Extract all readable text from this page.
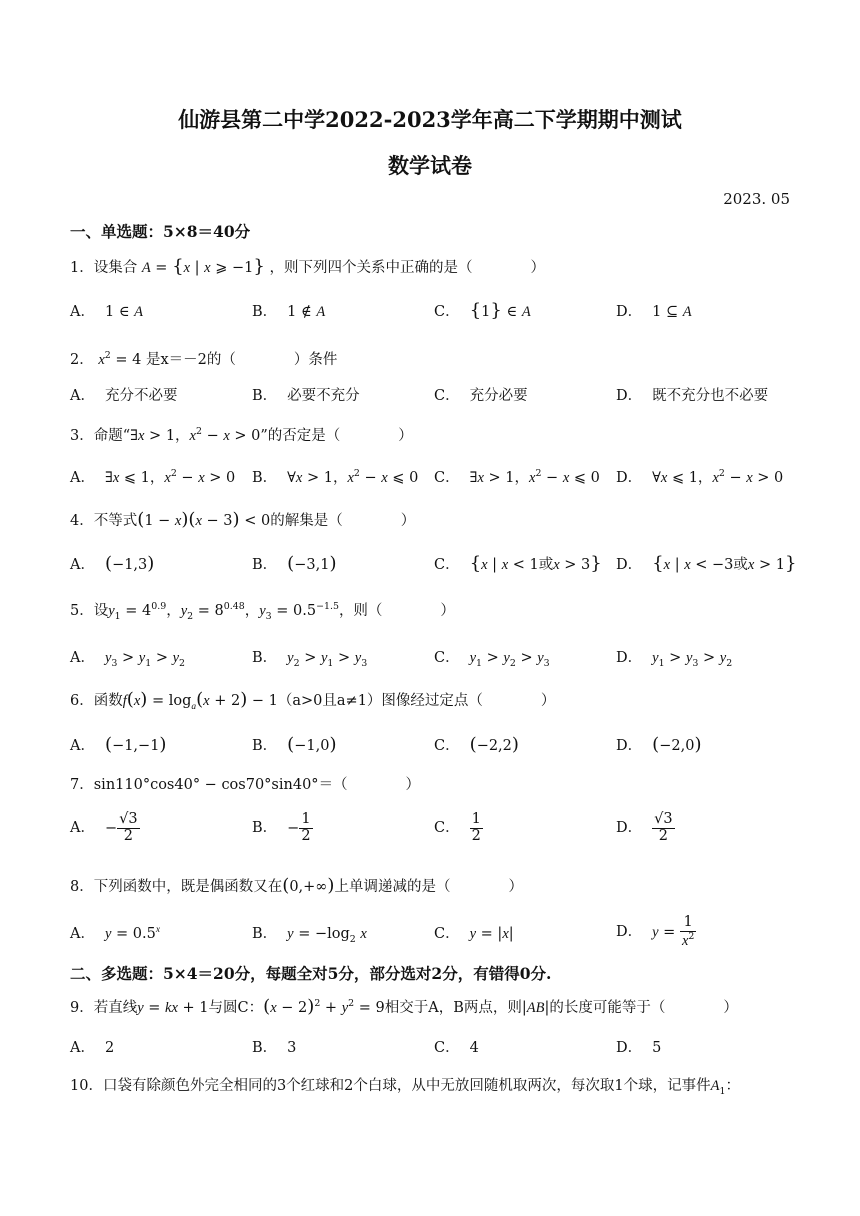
仙游县第二中学2022-2023学年高二下学期期中测试
数学试卷
2023. 05
一、单选题：5×8＝40分
1．设集合 A = {x | x ⩾ −1} ，则下列四个关系中正确的是（　　　　）
A． 1 ∈ A	B． 1 ∉ A	C． {1} ∈ A	D． 1 ⊆ A
2． $x^2 = 4$ 是x＝－2的（　　　　）条件
A． 充分不必要	B． 必要不充分	C． 充分必要	D． 既不充分也不必要
3．命题“∃x > 1，$x^2 - x > 0$”的否定是（　　　　）
A． ∃x ⩽ 1，$x^2 - x > 0$ B． ∀x > 1，$x^2 - x$ ⩽ 0 C． ∃x > 1，$x^2 - x$ ⩽ 0 D． ∀x ⩽ 1，$x^2 - x > 0$
4．不等式(1 − x)(x − 3) < 0的解集是（　　　　）
A． (−1,3)	B． (−3,1)	C． {x | x < 1或x > 3} D． {x | x < −3或x > 1}
5．设$y_1 = 4^{0.9}$，$y_2 = 8^{0.48}$，$y_3 = 0.5^{-1.5}$，则（　　　　）
A． $y_3 > y_1 > y_2$	B． $y_2 > y_1 > y_3$	C． $y_1 > y_2 > y_3$	D． $y_1 > y_3 > y_2$
6．函数$f(x) = \log_a(x + 2) - 1(a>0$且a≠1）图像经过定点（　　　　）
A． (−1,−1)	B． (−1,0)	C． (−2,2)	D． (−2,0)
7．sin110°cos40° − cos70°sin40°＝（　　　　）
A． − $\frac{√3}{2}$	B． − $\frac{1}{2}$	C． $\frac{1}{2}$	D． $\frac{√3}{2}$
8．下列函数中，既是偶函数又在(0,+∞)上单调递减的是（　　　　）
A． $y = 0.5^x$	B． $y = -\log_2$ x	C． y = |x|	D． $y = \frac{1}{x^2}$
二、多选题：5×4＝20分，每题全对5分，部分选对2分，有错得0分.
9．若直线y = kx + 1与圆C：$(x - 2)^2 + y^2 = 9$相交于A，B两点，则|AB|的长度可能等于（　　　　）
A． 2	B． 3	C． 4	D． 5
10．口袋有除颜色外完全相同的3个红球和2个白球，从中无放回随机取两次，每次取1个球，记事件$A_1$：
